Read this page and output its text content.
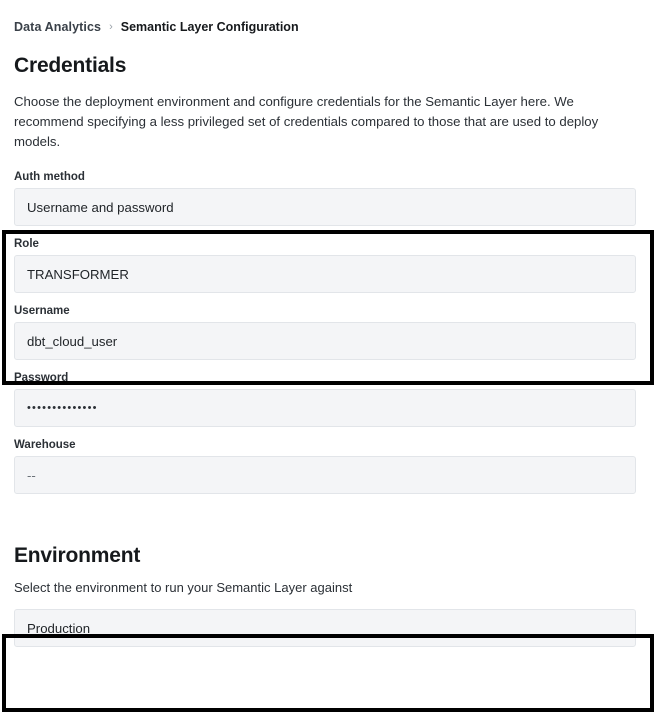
Data Analytics › Semantic Layer Configuration
Credentials

Choose the deployment environment and configure credentials for the Semantic Layer here. We recommend specifying a less privileged set of credentials compared to those that are used to deploy models.

Auth method
Username and password
Role
TRANSFORMER
Username
dbt_cloud_user
Password
••••••••••••••
Warehouse
--
Environment

Select the environment to run your Semantic Layer against

Production
